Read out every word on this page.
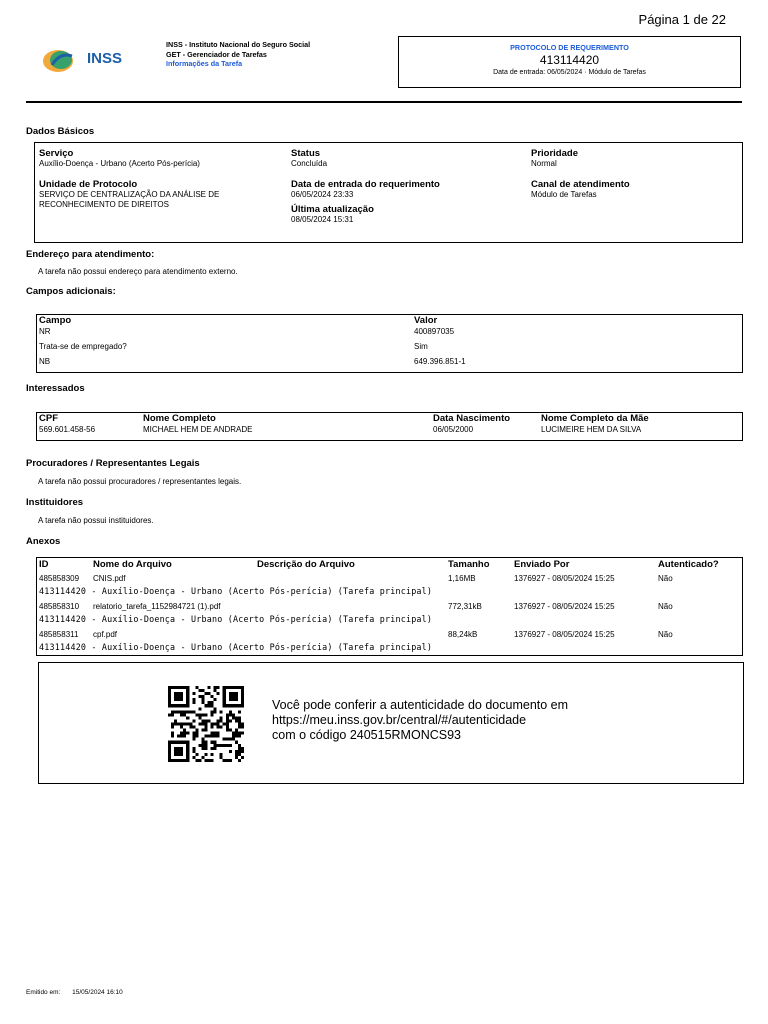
Página 1 de 22
INSS
INSS - Instituto Nacional do Seguro Social
GET - Gerenciador de Tarefas
Informações da Tarefa
PROTOCOLO DE REQUERIMENTO
413114420
Data de entrada: 06/05/2024 · Módulo de Tarefas
Dados Básicos
Serviço
Auxílio-Doença - Urbano (Acerto Pós-perícia)
Status
Concluída
Prioridade
Normal
Unidade de Protocolo
SERVIÇO DE CENTRALIZAÇÃO DA ANÁLISE DE RECONHECIMENTO DE DIREITOS
Data de entrada do requerimento
06/05/2024 23:33
Última atualização
08/05/2024 15:31
Canal de atendimento
Módulo de Tarefas
Endereço para atendimento:
A tarefa não possui endereço para atendimento externo.
Campos adicionais:
Campo	Valor
NR	400897035
Trata-se de empregado?	Sim
NB	649.396.851-1
Interessados
CPF	Nome Completo	Data Nascimento	Nome Completo da Mãe
569.601.458-56	MICHAEL HEM DE ANDRADE	06/05/2000	LUCIMEIRE HEM DA SILVA
Procuradores / Representantes Legais
A tarefa não possui procuradores / representantes legais.
Instituidores
A tarefa não possui instituidores.
Anexos
ID	Nome do Arquivo	Descrição do Arquivo	Tamanho	Enviado Por	Autenticado?
485858309 CNIS.pdf	1,16MB	1376927 - 08/05/2024 15:25	Não
413114420 - Auxílio-Doença - Urbano (Acerto Pós-perícia) (Tarefa principal)
485858310 relatorio_tarefa_1152984721 (1).pdf	772,31kB	1376927 - 08/05/2024 15:25	Não
413114420 - Auxílio-Doença - Urbano (Acerto Pós-perícia) (Tarefa principal)
485858311 cpf.pdf	88,24kB	1376927 - 08/05/2024 15:25	Não
413114420 - Auxílio-Doença - Urbano (Acerto Pós-perícia) (Tarefa principal)
Você pode conferir a autenticidade do documento em
https://meu.inss.gov.br/central/#/autenticidade
com o código 240515RMONCS93
Emitido em: 15/05/2024 16:10
